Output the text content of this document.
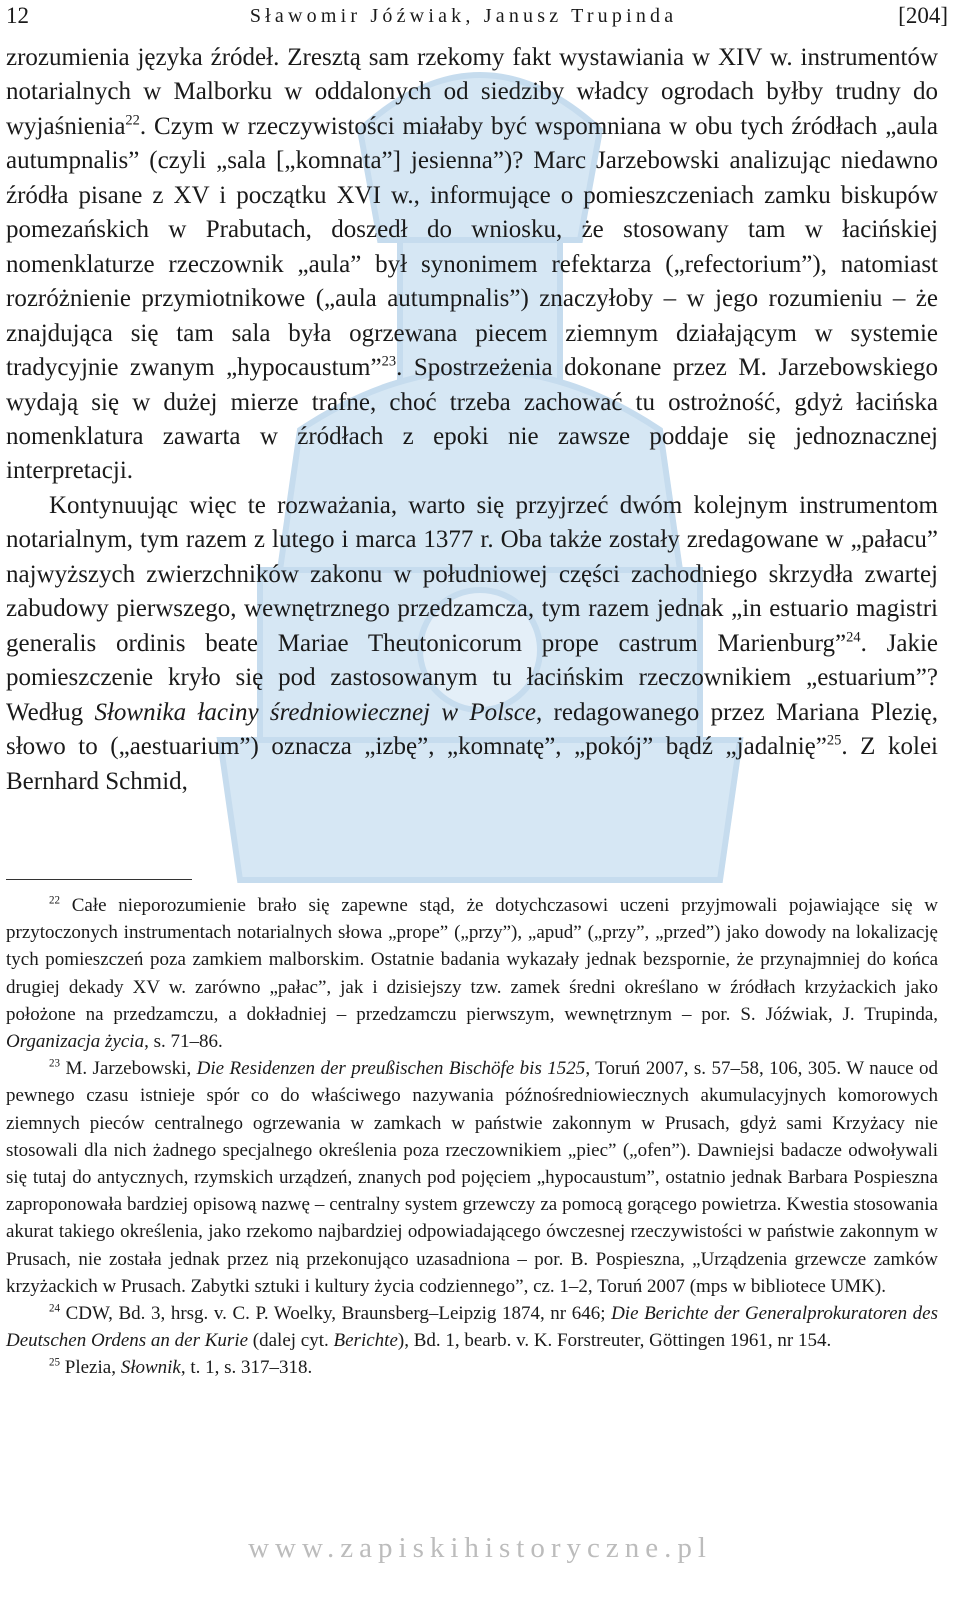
12	Sławomir Jóźwiak, Janusz Trupinda	[204]

zrozumienia języka źródeł. Zresztą sam rzekomy fakt wystawiania w XIV w. instrumentów notarialnych w Malborku w oddalonych od siedziby władcy ogrodach byłby trudny do wyjaśnienia$^{22}$. Czym w rzeczywistości miałaby być wspomniana w obu tych źródłach „aula autumpnalis” (czyli „sala [„komnata”] jesienna”)? Marc Jarzebowski analizując niedawno źródła pisane z XV i początku XVI w., informujące o pomieszczeniach zamku biskupów pomezańskich w Prabutach, doszedł do wniosku, że stosowany tam w łacińskiej nomenklaturze rzeczownik „aula” był synonimem refektarza („refectorium”), natomiast rozróżnienie przymiotnikowe („aula autumpnalis”) znaczyłoby – w jego rozumieniu – że znajdująca się tam sala była ogrzewana piecem ziemnym działającym w systemie tradycyjnie zwanym „hypocaustum”$^{23}$. Spostrzeżenia dokonane przez M. Jarzebowskiego wydają się w dużej mierze trafne, choć trzeba zachować tu ostrożność, gdyż łacińska nomenklatura zawarta w źródłach z epoki nie zawsze poddaje się jednoznacznej interpretacji.

Kontynuując więc te rozważania, warto się przyjrzeć dwóm kolejnym instrumentom notarialnym, tym razem z lutego i marca 1377 r. Oba także zostały zredagowane w „pałacu” najwyższych zwierzchników zakonu w południowej części zachodniego skrzydła zwartej zabudowy pierwszego, wewnętrznego przedzamcza, tym razem jednak „in estuario magistri generalis ordinis beate Mariae Theutonicorum prope castrum Marienburg”$^{24}$. Jakie pomieszczenie kryło się pod zastosowanym tu łacińskim rzeczownikiem „estuarium”? Według Słownika łaciny średniowiecznej w Polsce, redagowanego przez Mariana Plezię, słowo to („aestuarium”) oznacza „izbę”, „komnatę”, „pokój” bądź „jadalnię”$^{25}$. Z kolei Bernhard Schmid,

$^{22}$ Całe nieporozumienie brało się zapewne stąd, że dotychczasowi uczeni przyjmowali pojawiające się w przytoczonych instrumentach notarialnych słowa „prope” („przy”), „apud” („przy”, „przed”) jako dowody na lokalizację tych pomieszczeń poza zamkiem malborskim. Ostatnie badania wykazały jednak bezspornie, że przynajmniej do końca drugiej dekady XV w. zarówno „pałac”, jak i dzisiejszy tzw. zamek średni określano w źródłach krzyżackich jako położone na przedzamczu, a dokładniej – przedzamczu pierwszym, wewnętrznym – por. S. Jóźwiak, J. Trupinda, Organizacja życia, s. 71–86.

$^{23}$ M. Jarzebowski, Die Residenzen der preußischen Bischöfe bis 1525, Toruń 2007, s. 57–58, 106, 305. W nauce od pewnego czasu istnieje spór co do właściwego nazywania późnośredniowiecznych akumulacyjnych komorowych ziemnych pieców centralnego ogrzewania w zamkach w państwie zakonnym w Prusach, gdyż sami Krzyżacy nie stosowali dla nich żadnego specjalnego określenia poza rzeczownikiem „piec” („ofen”). Dawniejsi badacze odwoływali się tutaj do antycznych, rzymskich urządzeń, znanych pod pojęciem „hypocaustum”, ostatnio jednak Barbara Pospieszna zaproponowała bardziej opisową nazwę – centralny system grzewczy za pomocą gorącego powietrza. Kwestia stosowania akurat takiego określenia, jako rzekomo najbardziej odpowiadającego ówczesnej rzeczywistości w państwie zakonnym w Prusach, nie została jednak przez nią przekonująco uzasadniona – por. B. Pospieszna, „Urządzenia grzewcze zamków krzyżackich w Prusach. Zabytki sztuki i kultury życia codziennego”, cz. 1–2, Toruń 2007 (mps w bibliotece UMK).

$^{24}$ CDW, Bd. 3, hrsg. v. C. P. Woelky, Braunsberg–Leipzig 1874, nr 646; Die Berichte der Generalprokuratoren des Deutschen Ordens an der Kurie (dalej cyt. Berichte), Bd. 1, bearb. v. K. Forstreuter, Göttingen 1961, nr 154.

$^{25}$ Plezia, Słownik, t. 1, s. 317–318.

www.zapiskihistoryczne.pl
